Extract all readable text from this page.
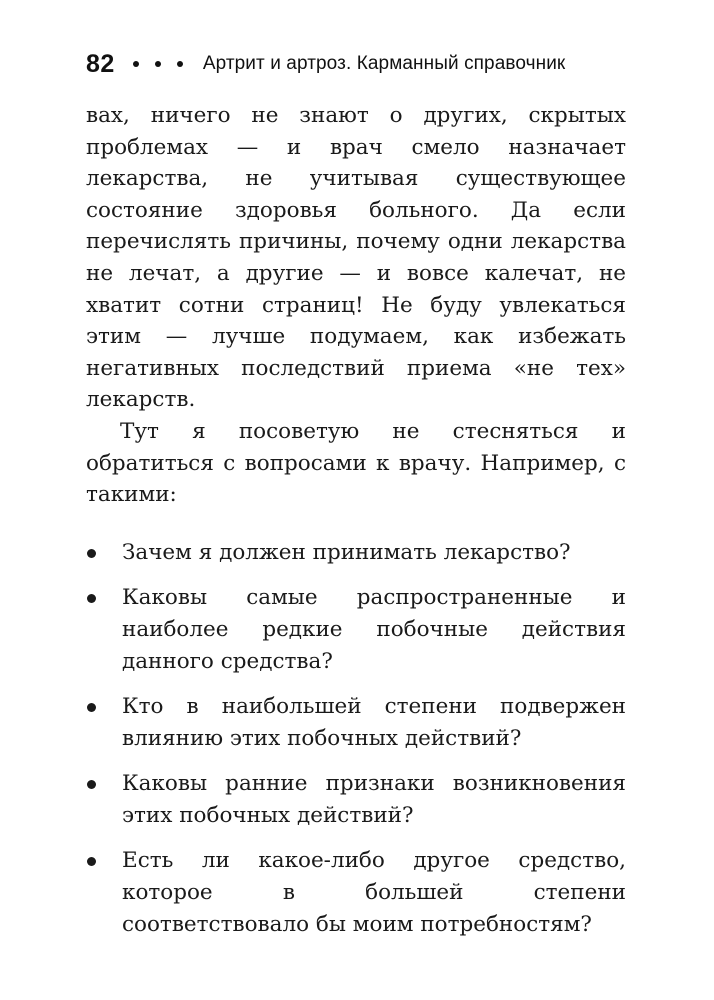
82	Артрит и артроз. Карманный справочник

вах, ничего не знают о других, скрытых проблемах — и врач смело назначает лекарства, не учитывая существующее состояние здоровья больного. Да если перечислять причины, почему одни лекарства не лечат, а другие — и вовсе калечат, не хватит сотни страниц! Не буду увлекаться этим — лучше подумаем, как избежать негативных последствий приема «не тех» лекарств.

Тут я посоветую не стесняться и обратиться с вопросами к врачу. Например, с такими:

Зачем я должен принимать лекарство?
Каковы самые распространенные и наиболее редкие побочные действия данного средства?
Кто в наибольшей степени подвержен влиянию этих побочных действий?
Каковы ранние признаки возникновения этих побочных действий?
Есть ли какое-либо другое средство, которое в большей степени соответствовало бы моим потребностям?
